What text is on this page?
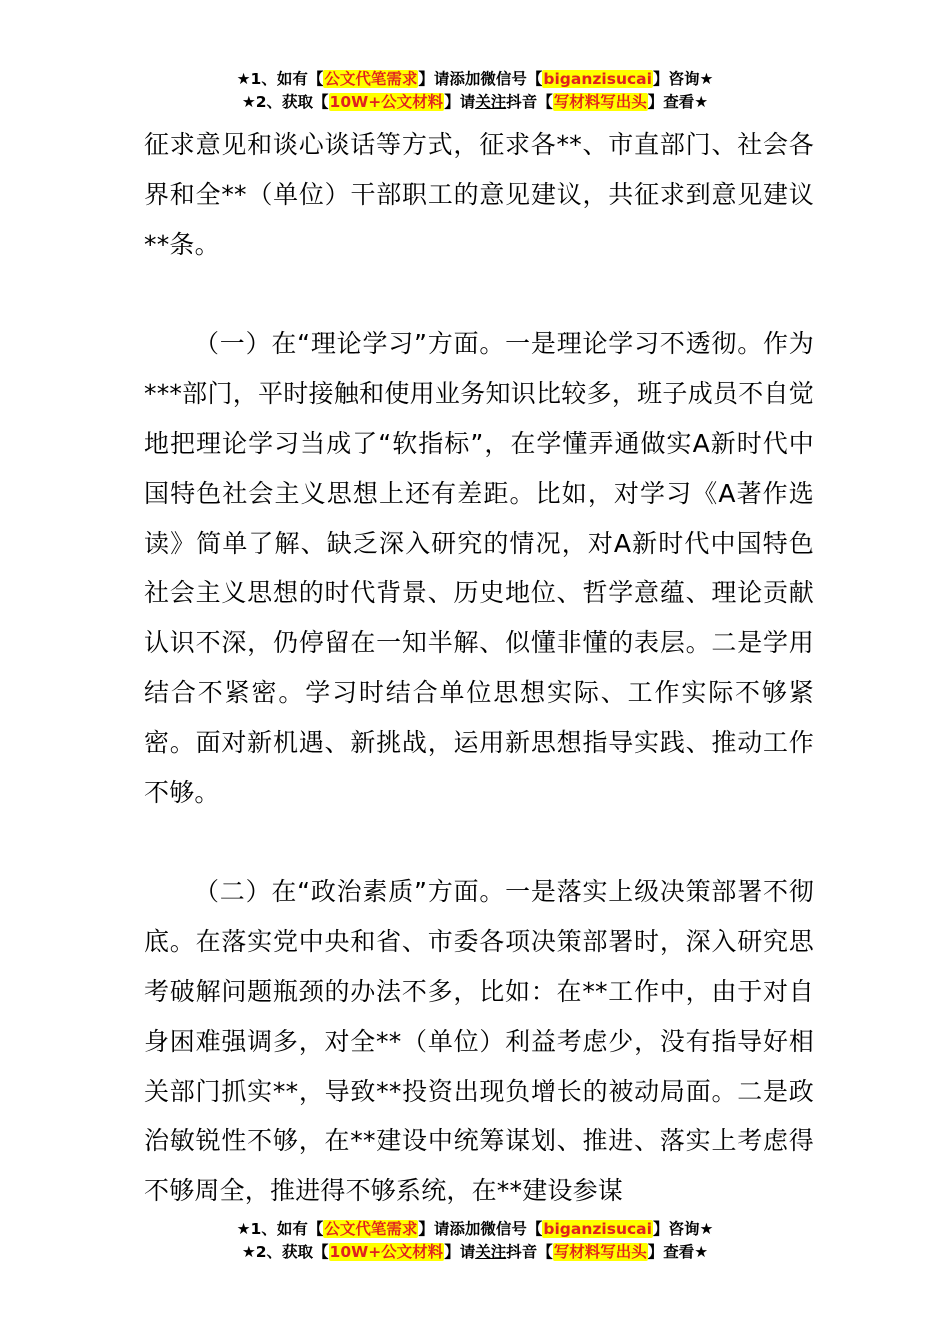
★1、如有【公文代笔需求】请添加微信号【biganzisucai】咨询★
★2、获取【10W+公文材料】请关注抖音【写材料写出头】查看★

征求意见和谈心谈话等方式，征求各**、市直部门、社会各界和全**（单位）干部职工的意见建议，共征求到意见建议**条。

（一）在“理论学习”方面。一是理论学习不透彻。作为***部门，平时接触和使用业务知识比较多，班子成员不自觉地把理论学习当成了“软指标”，在学懂弄通做实A新时代中国特色社会主义思想上还有差距。比如，对学习《A著作选读》简单了解、缺乏深入研究的情况，对A新时代中国特色社会主义思想的时代背景、历史地位、哲学意蕴、理论贡献认识不深，仍停留在一知半解、似懂非懂的表层。二是学用结合不紧密。学习时结合单位思想实际、工作实际不够紧密。面对新机遇、新挑战，运用新思想指导实践、推动工作不够。

（二）在“政治素质”方面。一是落实上级决策部署不彻底。在落实党中央和省、市委各项决策部署时，深入研究思考破解问题瓶颈的办法不多，比如：在**工作中，由于对自身困难强调多，对全**（单位）利益考虑少，没有指导好相关部门抓实**，导致**投资出现负增长的被动局面。二是政治敏锐性不够，在**建设中统筹谋划、推进、落实上考虑得不够周全，推进得不够系统，在**建设参谋

★1、如有【公文代笔需求】请添加微信号【biganzisucai】咨询★
★2、获取【10W+公文材料】请关注抖音【写材料写出头】查看★
